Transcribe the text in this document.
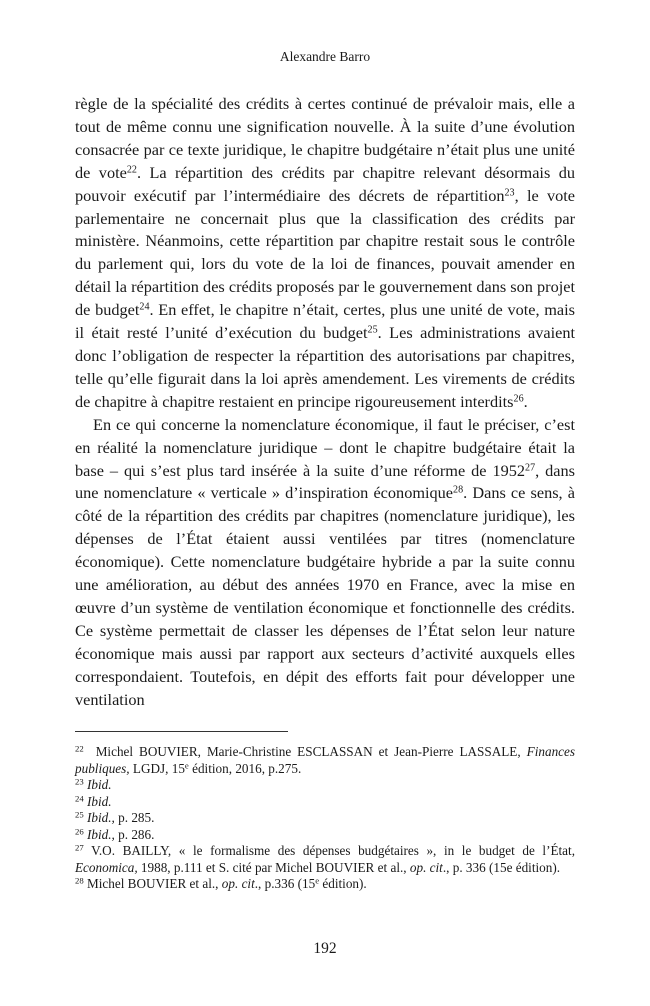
Alexandre Barro

règle de la spécialité des crédits à certes continué de prévaloir mais, elle a tout de même connu une signification nouvelle. À la suite d’une évolution consacrée par ce texte juridique, le chapitre budgétaire n’était plus une unité de vote$^{22}$. La répartition des crédits par chapitre relevant désormais du pouvoir exécutif par l’intermédiaire des décrets de répartition$^{23}$, le vote parlementaire ne concernait plus que la classification des crédits par ministère. Néanmoins, cette répartition par chapitre restait sous le contrôle du parlement qui, lors du vote de la loi de finances, pouvait amender en détail la répartition des crédits proposés par le gouvernement dans son projet de budget$^{24}$. En effet, le chapitre n’était, certes, plus une unité de vote, mais il était resté l’unité d’exécution du budget$^{25}$. Les administrations avaient donc l’obligation de respecter la répartition des autorisations par chapitres, telle qu’elle figurait dans la loi après amendement. Les virements de crédits de chapitre à chapitre restaient en principe rigoureusement interdits$^{26}$.

En ce qui concerne la nomenclature économique, il faut le préciser, c’est en réalité la nomenclature juridique – dont le chapitre budgétaire était la base – qui s’est plus tard insérée à la suite d’une réforme de 1952$^{27}$, dans une nomenclature « verticale » d’inspiration économique$^{28}$. Dans ce sens, à côté de la répartition des crédits par chapitres (nomenclature juridique), les dépenses de l’État étaient aussi ventilées par titres (nomenclature économique). Cette nomenclature budgétaire hybride a par la suite connu une amélioration, au début des années 1970 en France, avec la mise en œuvre d’un système de ventilation économique et fonctionnelle des crédits. Ce système permettait de classer les dépenses de l’État selon leur nature économique mais aussi par rapport aux secteurs d’activité auxquels elles correspondaient. Toutefois, en dépit des efforts fait pour développer une ventilation

$^{22}$ Michel BOUVIER, Marie-Christine ESCLASSAN et Jean-Pierre LASSALE, Finances publiques, LGDJ, 15e édition, 2016, p.275.

$^{23}$ Ibid.

$^{24}$ Ibid.

$^{25}$ Ibid., p. 285.

$^{26}$ Ibid., p. 286.

$^{27}$ V.O. BAILLY, « le formalisme des dépenses budgétaires », in le budget de l’État, Economica, 1988, p.111 et S. cité par Michel BOUVIER et al., op. cit., p. 336 (15e édition).

$^{28}$ Michel BOUVIER et al., op. cit., p.336 (15e édition).

192
